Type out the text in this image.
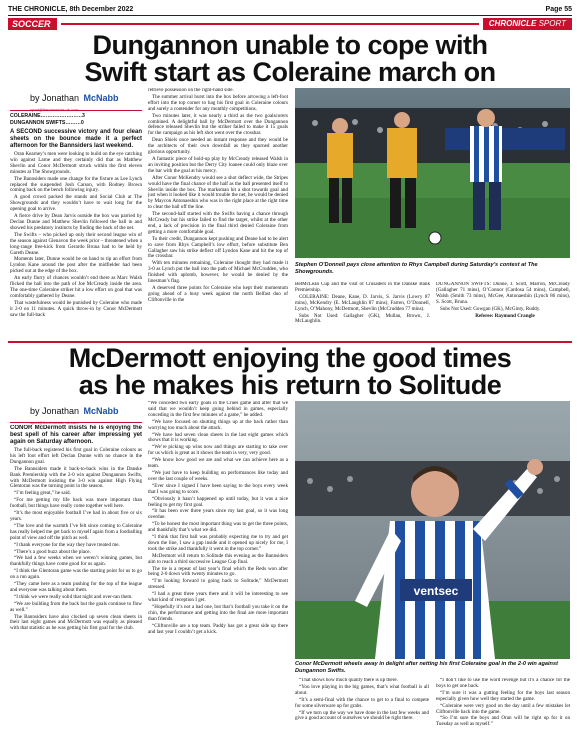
THE CHRONICLE, 8th December 2022	Page 55
SOCCER	CHRONICLE SPORT
Dungannon unable to cope with
Swift start as Coleraine march on
by Jonathan McNabb

COLERAINE……………………3

DUNGANNON SWIFTS………0

A SECOND successive victory and four clean sheets on the bounce made it a perfect afternoon for the Bannsiders last weekend.

Oran Kearney’s men were looking to build on the eye catching win against Larne and they certainly did that as Matthew Shevlin and Conor McDermott struck within the first eleven minutes at The Showgrounds.

The Bannsiders made one change for the fixture as Lee Lynch replaced the suspended Josh Carson, with Rodney Brown coming back on the bench following injury.

A good crowd packed the stands and Social Club at The Showgrounds and they wouldn’t have to wait long for the opening goal to arrive.

A fierce drive by Dean Jarvis outside the box was parried by Declan Dunne and Matthew Shevlin followed the ball in and showed his predatory instincts by finding the back of the net.

The Swifts – who picked up only their second league win of the season against Glenavon the week prior – threatened when a long-range free-kick from Gerardo Bruna had to be held by Gareth Deane.

Moments later, Dunne would be on hand to tip an effort from Lyndon Kane around the post after the midfielder had been picked out at the edge of the box.

An early flurry of chances wouldn’t end there as Marc Walsh flicked the ball into the path of Joe McCready inside the area. The one-time Coleraine striker hit a low effort on goal that was comfortably gathered by Deane.

That wastefulness would be punished by Coleraine who made it 2-0 on 11 minutes. A quick throw-in by Conor McDermott saw the full-back

retrieve possession on the right-hand side.

The summer arrival burst into the box before arrowing a left-foot effort into the top corner to bag his first goal in Coleraine colours and surely a contender for any monthly competitions.

Two minutes later, it was nearly a third as the two goalscorers combined. A delightful ball by McDermott over the Dungannon defence released Shevlin but the striker failed to make it 15 goals for the campaign as his left shot went over the crossbar.

Dean Shiels once needed an instant response and they would be the architects of their own downfall as they spurned another glorious opportunity.

A fantastic piece of hold-up play by McCready released Walsh in an inviting position but the Derry City loanee could only blaze over the bar with the goal at his mercy.

After Conor McKendry would see a shot deflect wide, the Stripes would have the final chance of the half as the ball presented itself to Shevlin inside the box. The marksman hit a shot towards goal and just when it looked like it would trouble the net, he would be denied by Maycon Antonaeshin who was in the right place at the right time to clear the ball off the line.

The second-half started with the Swifts having a chance through McCready but his strike failed to find the target, whilst at the other end, a lack of precision in the final third denied Coleraine from getting a more comfortable goal.

To their credit, Dungannon kept pushing and Deane had to be alert to save from Rhys Campbell’s low effort, before substitute Ben Gallagher saw his strike deflect off Lyndon Kane and hit the top of the crossbar.

With ten minutes remaining, Coleraine thought they had made it 3-0 as Lynch put the ball into the path of Michael McCrudden, who finished with aplomb, however, he would be denied by the linesman’s flag.

A deserved three points for Coleraine who kept their momentum going ahead of a busy week against the north Belfast duo of Cliftonville in the

Stephen O’Donnell pays close attention to Rhys Campbell during Saturday’s contest at The Showgrounds.

BetMcLean Cup and the visit of Crusaders in the Danske Bank Premiership.

COLERAINE: Deane, Kane, D. Jarvis, S. Jarvis (Lowry 87 mins), McKendry (E. McLaughlin 87 mins), Farren, O’Donnell, Lynch, O’Mahony, McDermott, Shevlin (McCrudden 77 mins).

Subs Not Used: Gallagher (GK), Mullan, Brown, J. McLaughlin.

DUNGANNON SWIFTS: Dunne, J. Scott, Marron, McCready (Gallagher 71 mins), O’Connor (Cardosa 54 mins), Campbell, Walsh (Smith 73 mins), McGee, Antonaeshin (Lynch 86 mins), S. Scott, Bruna.

Subs Not Used: Gowgan (GK), McGinty, Ruddy.

Referee: Raymond Crangle

McDermott enjoying the good times
as he makes his return to Solitude
by Jonathan McNabb

CONOR McDermott insists he is enjoying the best spell of his career after impressing yet again on Saturday afternoon.

The full-back registered his first goal in Coleraine colours as his left foot effort left Declan Dunne with no chance in the Dungannon goal.

The Bannsiders made it back-to-back wins in the Danske Bank Premiership with the 2-0 win against Dungannon Swifts, with McDermott insisting the 3-0 win against High Flying Glentoran was the turning point in the season.

“I’m feeling great,” he said.

“For me getting my life back was more important than football, but things have really come together well here.

“It’s the most enjoyable football I’ve had in about five or six years.

“The love and the warmth I’ve felt since coming to Coleraine has really helped me get back to myself again from a footballing point of view and off the pitch as well.

“I thank everyone for the way they have treated me.

“There’s a good buzz about the place.

“We had a few weeks when we weren’t winning games, but thankfully things have come good for us again.

“I think the Glentoran game was the starting point for us to go on a run again.

“They came here as a team pushing for the top of the league and everyone was talking about them.

“I think we were really solid that night and over-ran them.

“We are building from the back but the goals continue to flow as well.”

The Bannsiders have also clocked up seven clean sheets in their last eight games and McDermott was equally as pleased with that statistic as he was getting his first goal for the club.

“We conceded two early goals in the Crues game and after that we said that we wouldn’t keep going behind in games, especially conceding in the first few minutes of a game,” he added.

“We have focused on shutting things up at the back rather than worrying too much about the attack.

“We have had seven clean sheets in the last eight games which shows that it is working.

“We’re picking up wins now and things are starting to take over for us which is great as it shows the team is very, very good.

“We know how good we are and what we can achieve here as a team.

“We just have to keep building on performances like today and over the last couple of weeks.

“Ever since I signed I have been saying to the boys every week that I was going to score.

“Obviously it hasn’t happened up until today, but it was a nice feeling to get my first goal.

“It has been over three years since my last goal, so it was long overdue.

“To be honest the most important thing was to get the three points, and thankfully that’s what we did.

“I think that first ball was probably expecting me to try and get down the line, I saw a gap inside and it opened up nicely for me, I took the strike and thankfully it went in the top corner.”

McDermott will return to Solitude this evening as the Bannsiders aim to reach a third successive League Cup final.

The tie is a repeat of last year’s final which the Reds won after being 2-0 down with twenty minutes to go.

“I’m looking forward to going back to Solitude,” McDermott stressed.

“I had a great three years there and it will be interesting to see what kind of reception I get.

“Hopefully it’s not a bad one, but that’s football you take it on the chin, the performance and getting into the final are more important than friends.

“Cliftonville are a top team. Paddy has got a great side up there and last year I couldn’t get a kick.

ventsec
Conor McDermott wheels away in delight after netting his first Coleraine goal in the 2-0 win against Dungannon Swifts.

“That shows how much quality there is up there.

“You love playing in the big games, that’s what football is all about.

“It’s a semi-final with the chance to get to a final to compete for some silverware up for grabs.

“If we turn up the way we have done in the last few weeks and give a good account of ourselves we should be right there.

“I don’t like to use the word revenge but it’s a chance for the boys to get one back.

“I’m sure it was a gutting feeling for the boys last season especially given how well they started the game.

“Coleraine were very good on the day until a few mistakes let Cliftonville back into the game.

“So I’m sure the boys and Oran will be right up for it on Tuesday as well as myself.”
